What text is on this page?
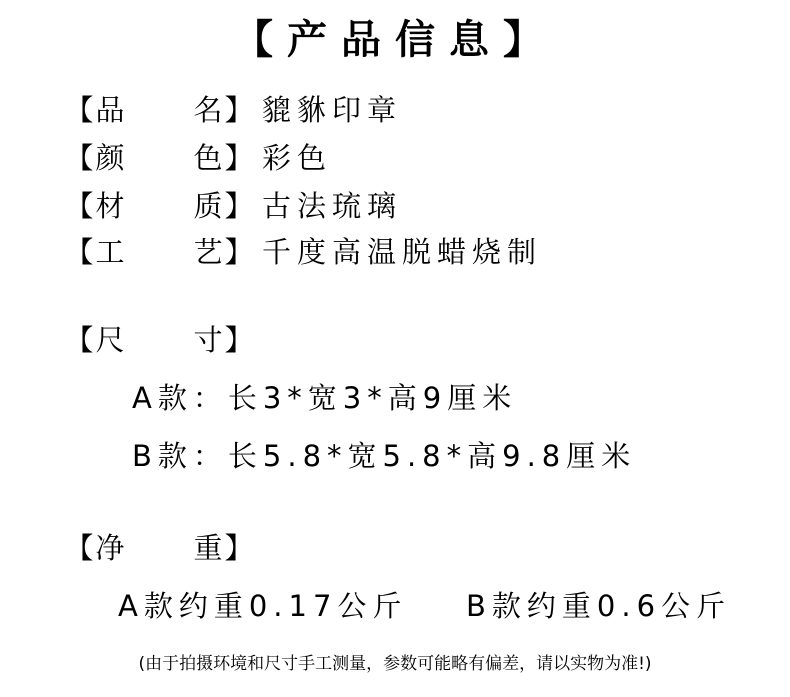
【产品信息】
【 品 名 】 貔貅印章
【 颜 色 】 彩色
【 材 质 】 古法琉璃
【 工 艺 】 千度高温脱蜡烧制
【 尺 寸 】
A款：长3*宽3*高9厘米
B款：长5.8*宽5.8*高9.8厘米
【 净 重 】
A款约重0.17公斤 B款约重0.6公斤
(由于拍摄环境和尺寸手工测量，参数可能略有偏差，请以实物为准!)
